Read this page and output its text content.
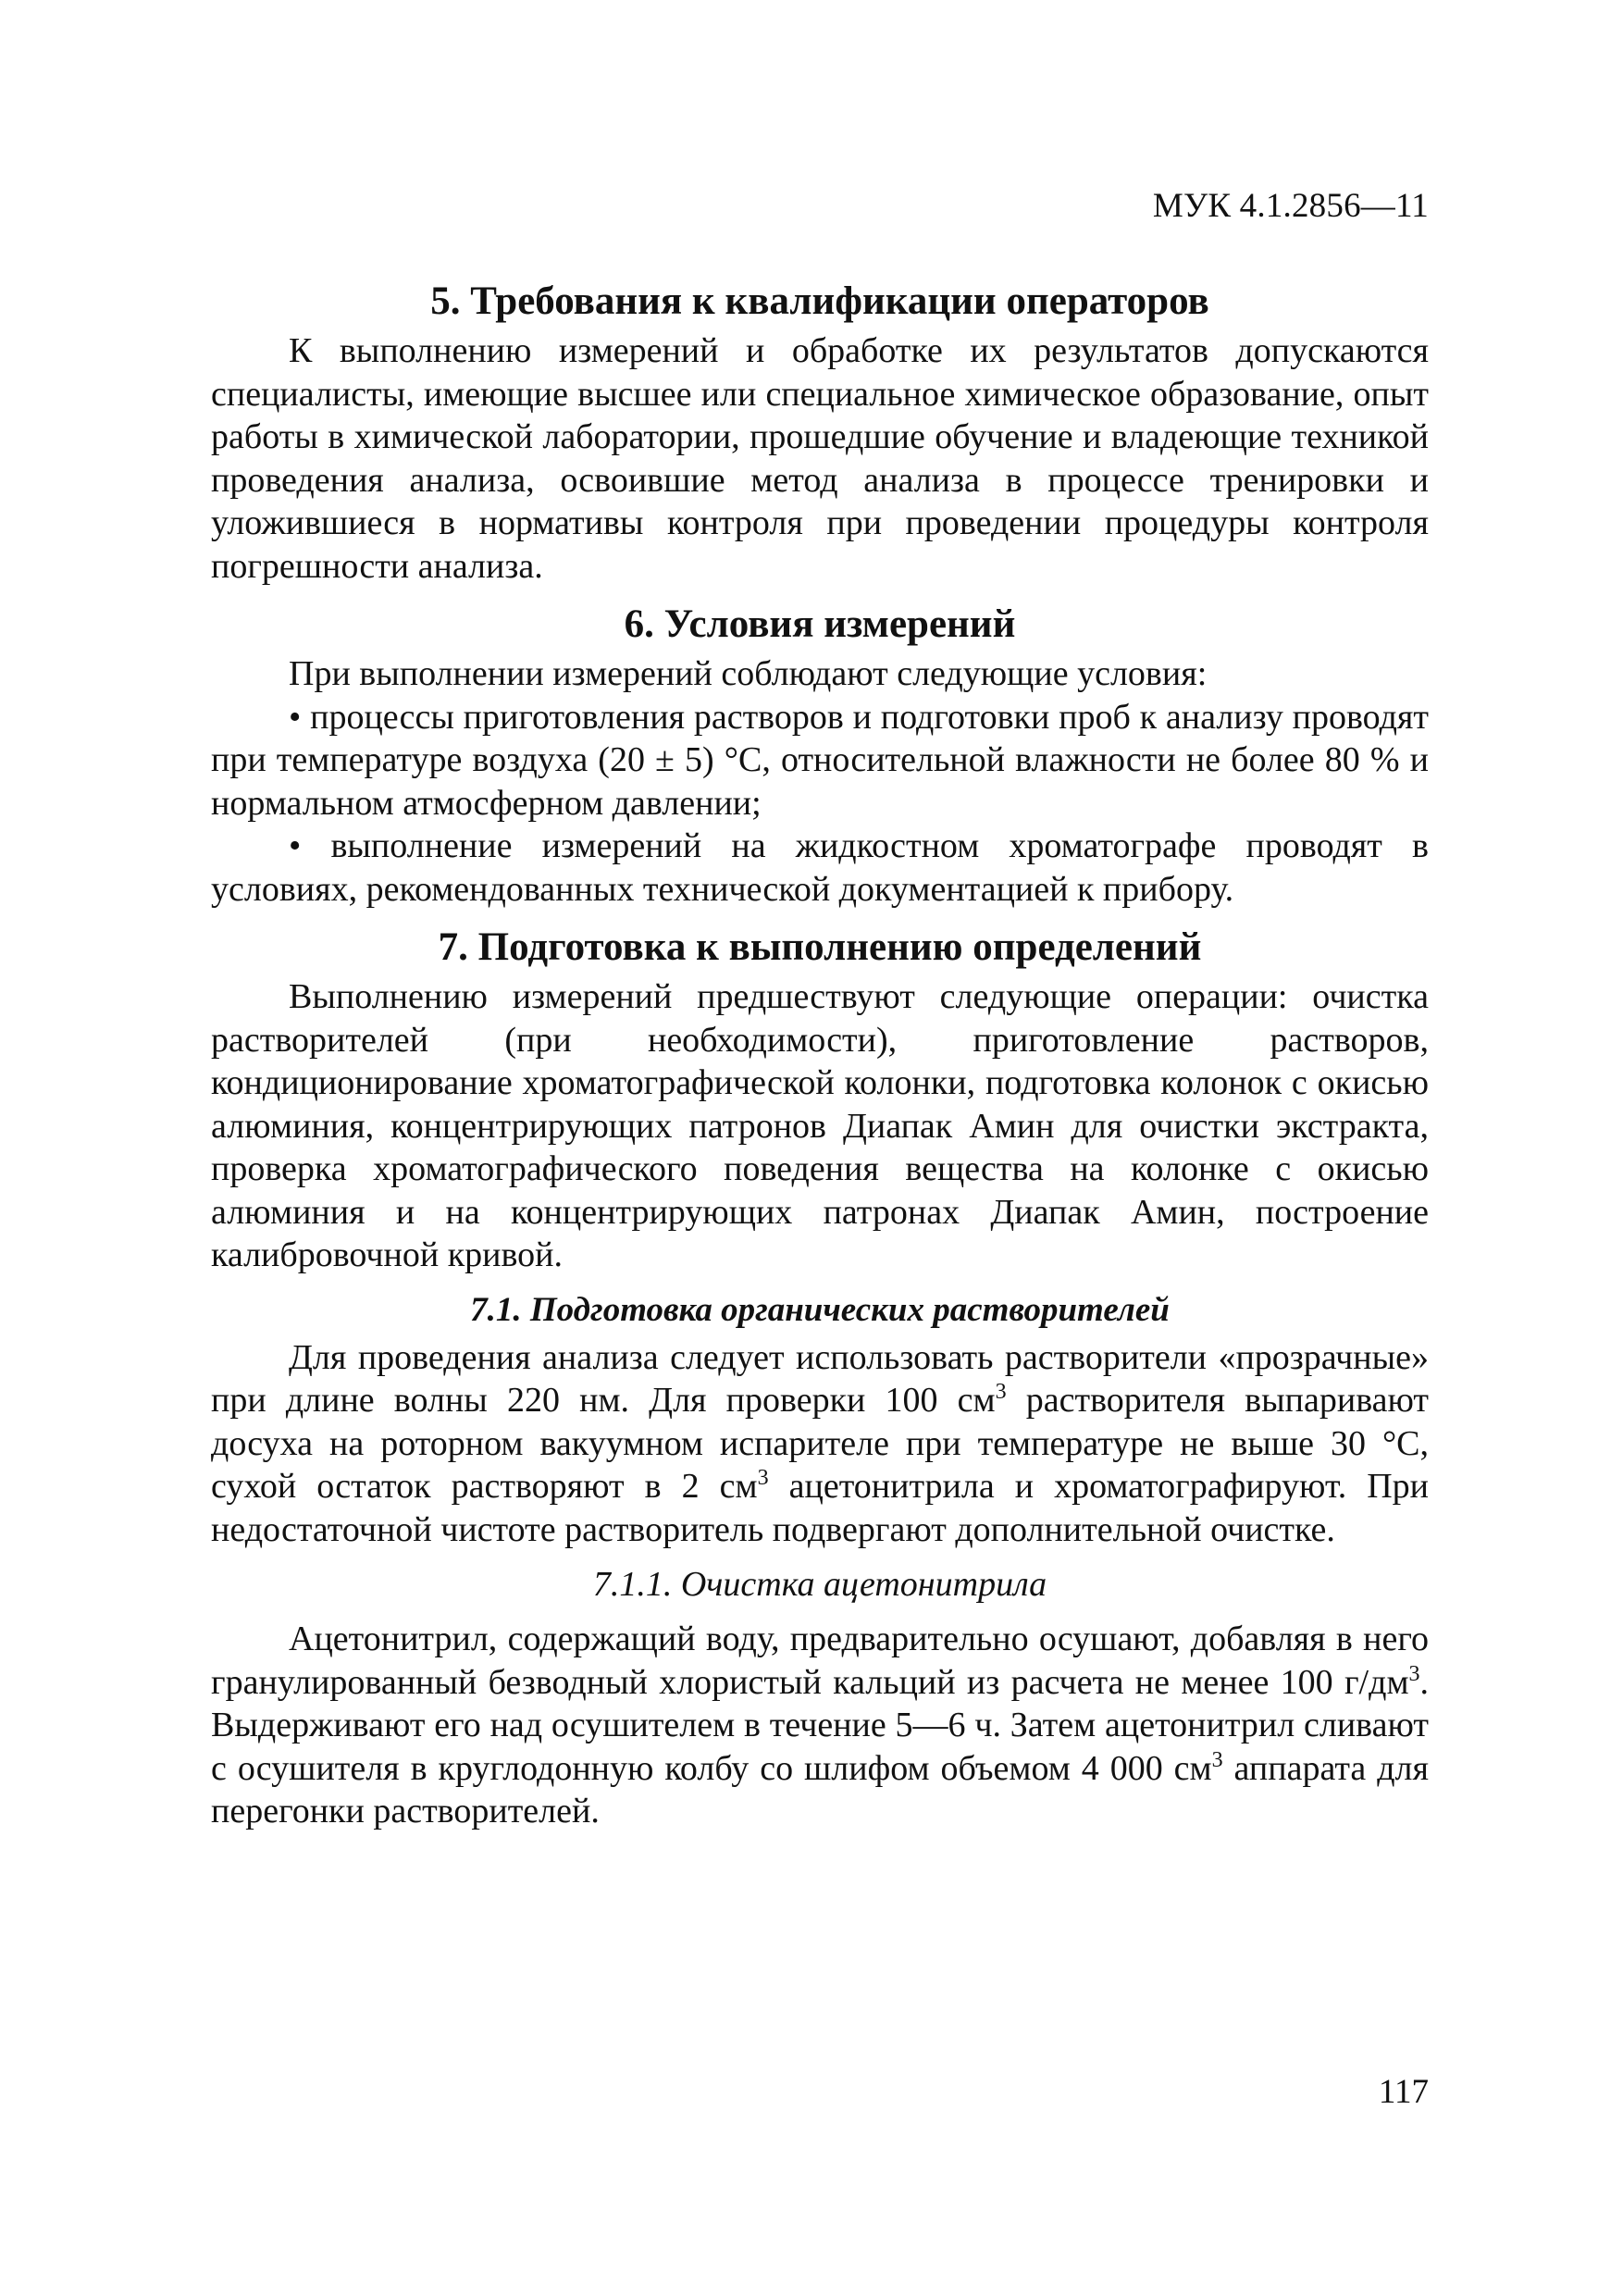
МУК 4.1.2856—11
5. Требования к квалификации операторов

К выполнению измерений и обработке их результатов допускаются специалисты, имеющие высшее или специальное химическое образование, опыт работы в химической лаборатории, прошедшие обучение и владеющие техникой проведения анализа, освоившие метод анализа в процессе тренировки и уложившиеся в нормативы контроля при проведении процедуры контроля погрешности анализа.

6. Условия измерений

При выполнении измерений соблюдают следующие условия:

• процессы приготовления растворов и подготовки проб к анализу проводят при температуре воздуха (20 ± 5) °С, относительной влажности не более 80 % и нормальном атмосферном давлении;

• выполнение измерений на жидкостном хроматографе проводят в условиях, рекомендованных технической документацией к прибору.

7. Подготовка к выполнению определений

Выполнению измерений предшествуют следующие операции: очистка растворителей (при необходимости), приготовление растворов, кондиционирование хроматографической колонки, подготовка колонок с окисью алюминия, концентрирующих патронов Диапак Амин для очистки экстракта, проверка хроматографического поведения вещества на колонке с окисью алюминия и на концентрирующих патронах Диапак Амин, построение калибровочной кривой.

7.1. Подготовка органических растворителей

Для проведения анализа следует использовать растворители «прозрачные» при длине волны 220 нм. Для проверки 100 $см^3$ растворителя выпаривают досуха на роторном вакуумном испарителе при температуре не выше 30 °С, сухой остаток растворяют в 2 $см^3$ ацетонитрила и хроматографируют. При недостаточной чистоте растворитель подвергают дополнительной очистке.

7.1.1. Очистка ацетонитрила

Ацетонитрил, содержащий воду, предварительно осушают, добавляя в него гранулированный безводный хлористый кальций из расчета не менее 100 $г/дм^3$. Выдерживают его над осушителем в течение 5—6 ч. Затем ацетонитрил сливают с осушителя в круглодонную колбу со шлифом объемом 4 000 $см^3$ аппарата для перегонки растворителей.

117
